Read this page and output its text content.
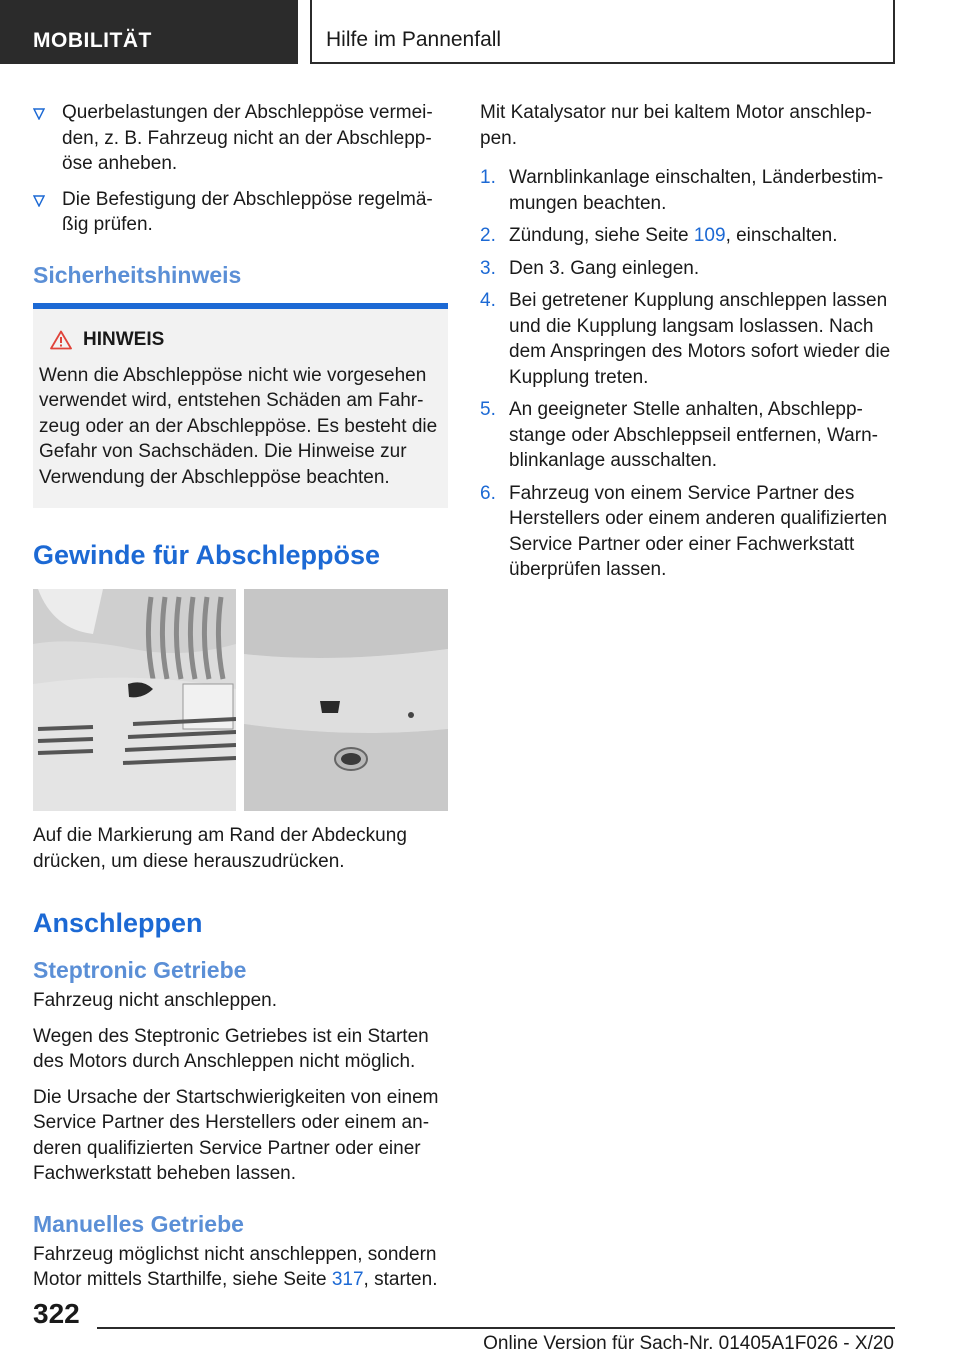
MOBILITÄT	Hilfe im Pannenfall
Querbelastungen der Abschleppöse vermeiden, z. B. Fahrzeug nicht an der Abschleppöse anheben.
Die Befestigung der Abschleppöse regelmäßig prüfen.
Sicherheitshinweis
HINWEIS
Wenn die Abschleppöse nicht wie vorgesehen verwendet wird, entstehen Schäden am Fahrzeug oder an der Abschleppöse. Es besteht die Gefahr von Sachschäden. Die Hinweise zur Verwendung der Abschleppöse beachten.
Gewinde für Abschleppöse
Auf die Markierung am Rand der Abdeckung drücken, um diese herauszudrücken.
Anschleppen
Steptronic Getriebe

Fahrzeug nicht anschleppen.

Wegen des Steptronic Getriebes ist ein Starten des Motors durch Anschleppen nicht möglich.

Die Ursache der Startschwierigkeiten von einem Service Partner des Herstellers oder einem anderen qualifizierten Service Partner oder einer Fachwerkstatt beheben lassen.

Manuelles Getriebe

Fahrzeug möglichst nicht anschleppen, sondern Motor mittels Starthilfe, siehe Seite 317, starten.

Mit Katalysator nur bei kaltem Motor anschleppen.

1. Warnblinkanlage einschalten, Länderbestimmungen beachten.
2. Zündung, siehe Seite 109, einschalten.
3. Den 3. Gang einlegen.
4. Bei getretener Kupplung anschleppen lassen und die Kupplung langsam loslassen. Nach dem Anspringen des Motors sofort wieder die Kupplung treten.
5. An geeigneter Stelle anhalten, Abschleppstange oder Abschleppseil entfernen, Warnblinkanlage ausschalten.
6. Fahrzeug von einem Service Partner des Herstellers oder einem anderen qualifizierten Service Partner oder einer Fachwerkstatt überprüfen lassen.
322
Online Version für Sach-Nr. 01405A1F026 - X/20
